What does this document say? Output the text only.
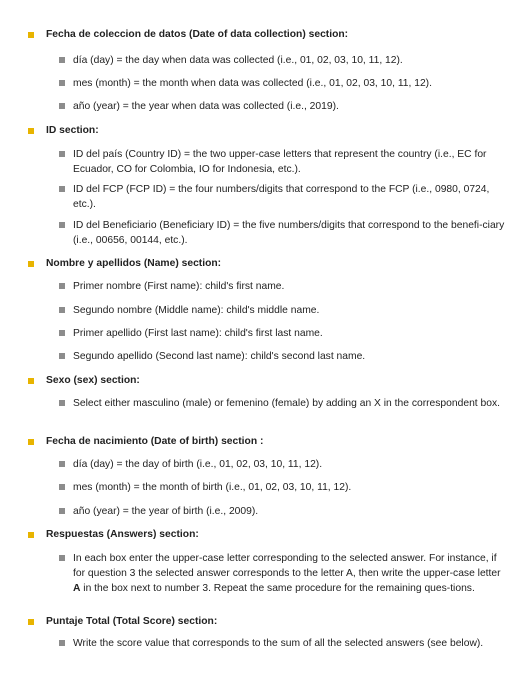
Fecha de coleccion de datos (Date of data collection) section:
día (day) = the day when data was collected (i.e., 01, 02, 03, 10, 11, 12).
mes (month) = the month when data was collected (i.e., 01, 02, 03, 10, 11, 12).
año (year) = the year when data was collected (i.e., 2019).
ID section:
ID del país (Country ID) = the two upper-case letters that represent the country (i.e., EC for Ecuador, CO for Colombia, IO for Indonesia, etc.).
ID del FCP (FCP ID) = the four numbers/digits that correspond to the FCP (i.e., 0980, 0724, etc.).
ID del Beneficiario (Beneficiary ID) = the five numbers/digits that correspond to the benefi-ciary (i.e., 00656, 00144, etc.).
Nombre y apellidos (Name) section:
Primer nombre (First name): child's first name.
Segundo nombre (Middle name): child's middle name.
Primer apellido (First last name): child's first last name.
Segundo apellido (Second last name): child's second last name.
Sexo (sex) section:
Select either masculino (male) or femenino (female) by adding an X in the correspondent box.
Fecha de nacimiento (Date of birth) section :
día (day) = the day of birth (i.e., 01, 02, 03, 10, 11, 12).
mes (month) = the month of birth (i.e., 01, 02, 03, 10, 11, 12).
año (year) = the year of birth (i.e., 2009).
Respuestas (Answers) section:
In each box enter the upper-case letter corresponding to the selected answer. For instance, if for question 3 the selected answer corresponds to the letter A, then write the upper-case letter A in the box next to number 3. Repeat the same procedure for the remaining ques-tions.
Puntaje Total (Total Score) section:
Write the score value that corresponds to the sum of all the selected answers (see below).
